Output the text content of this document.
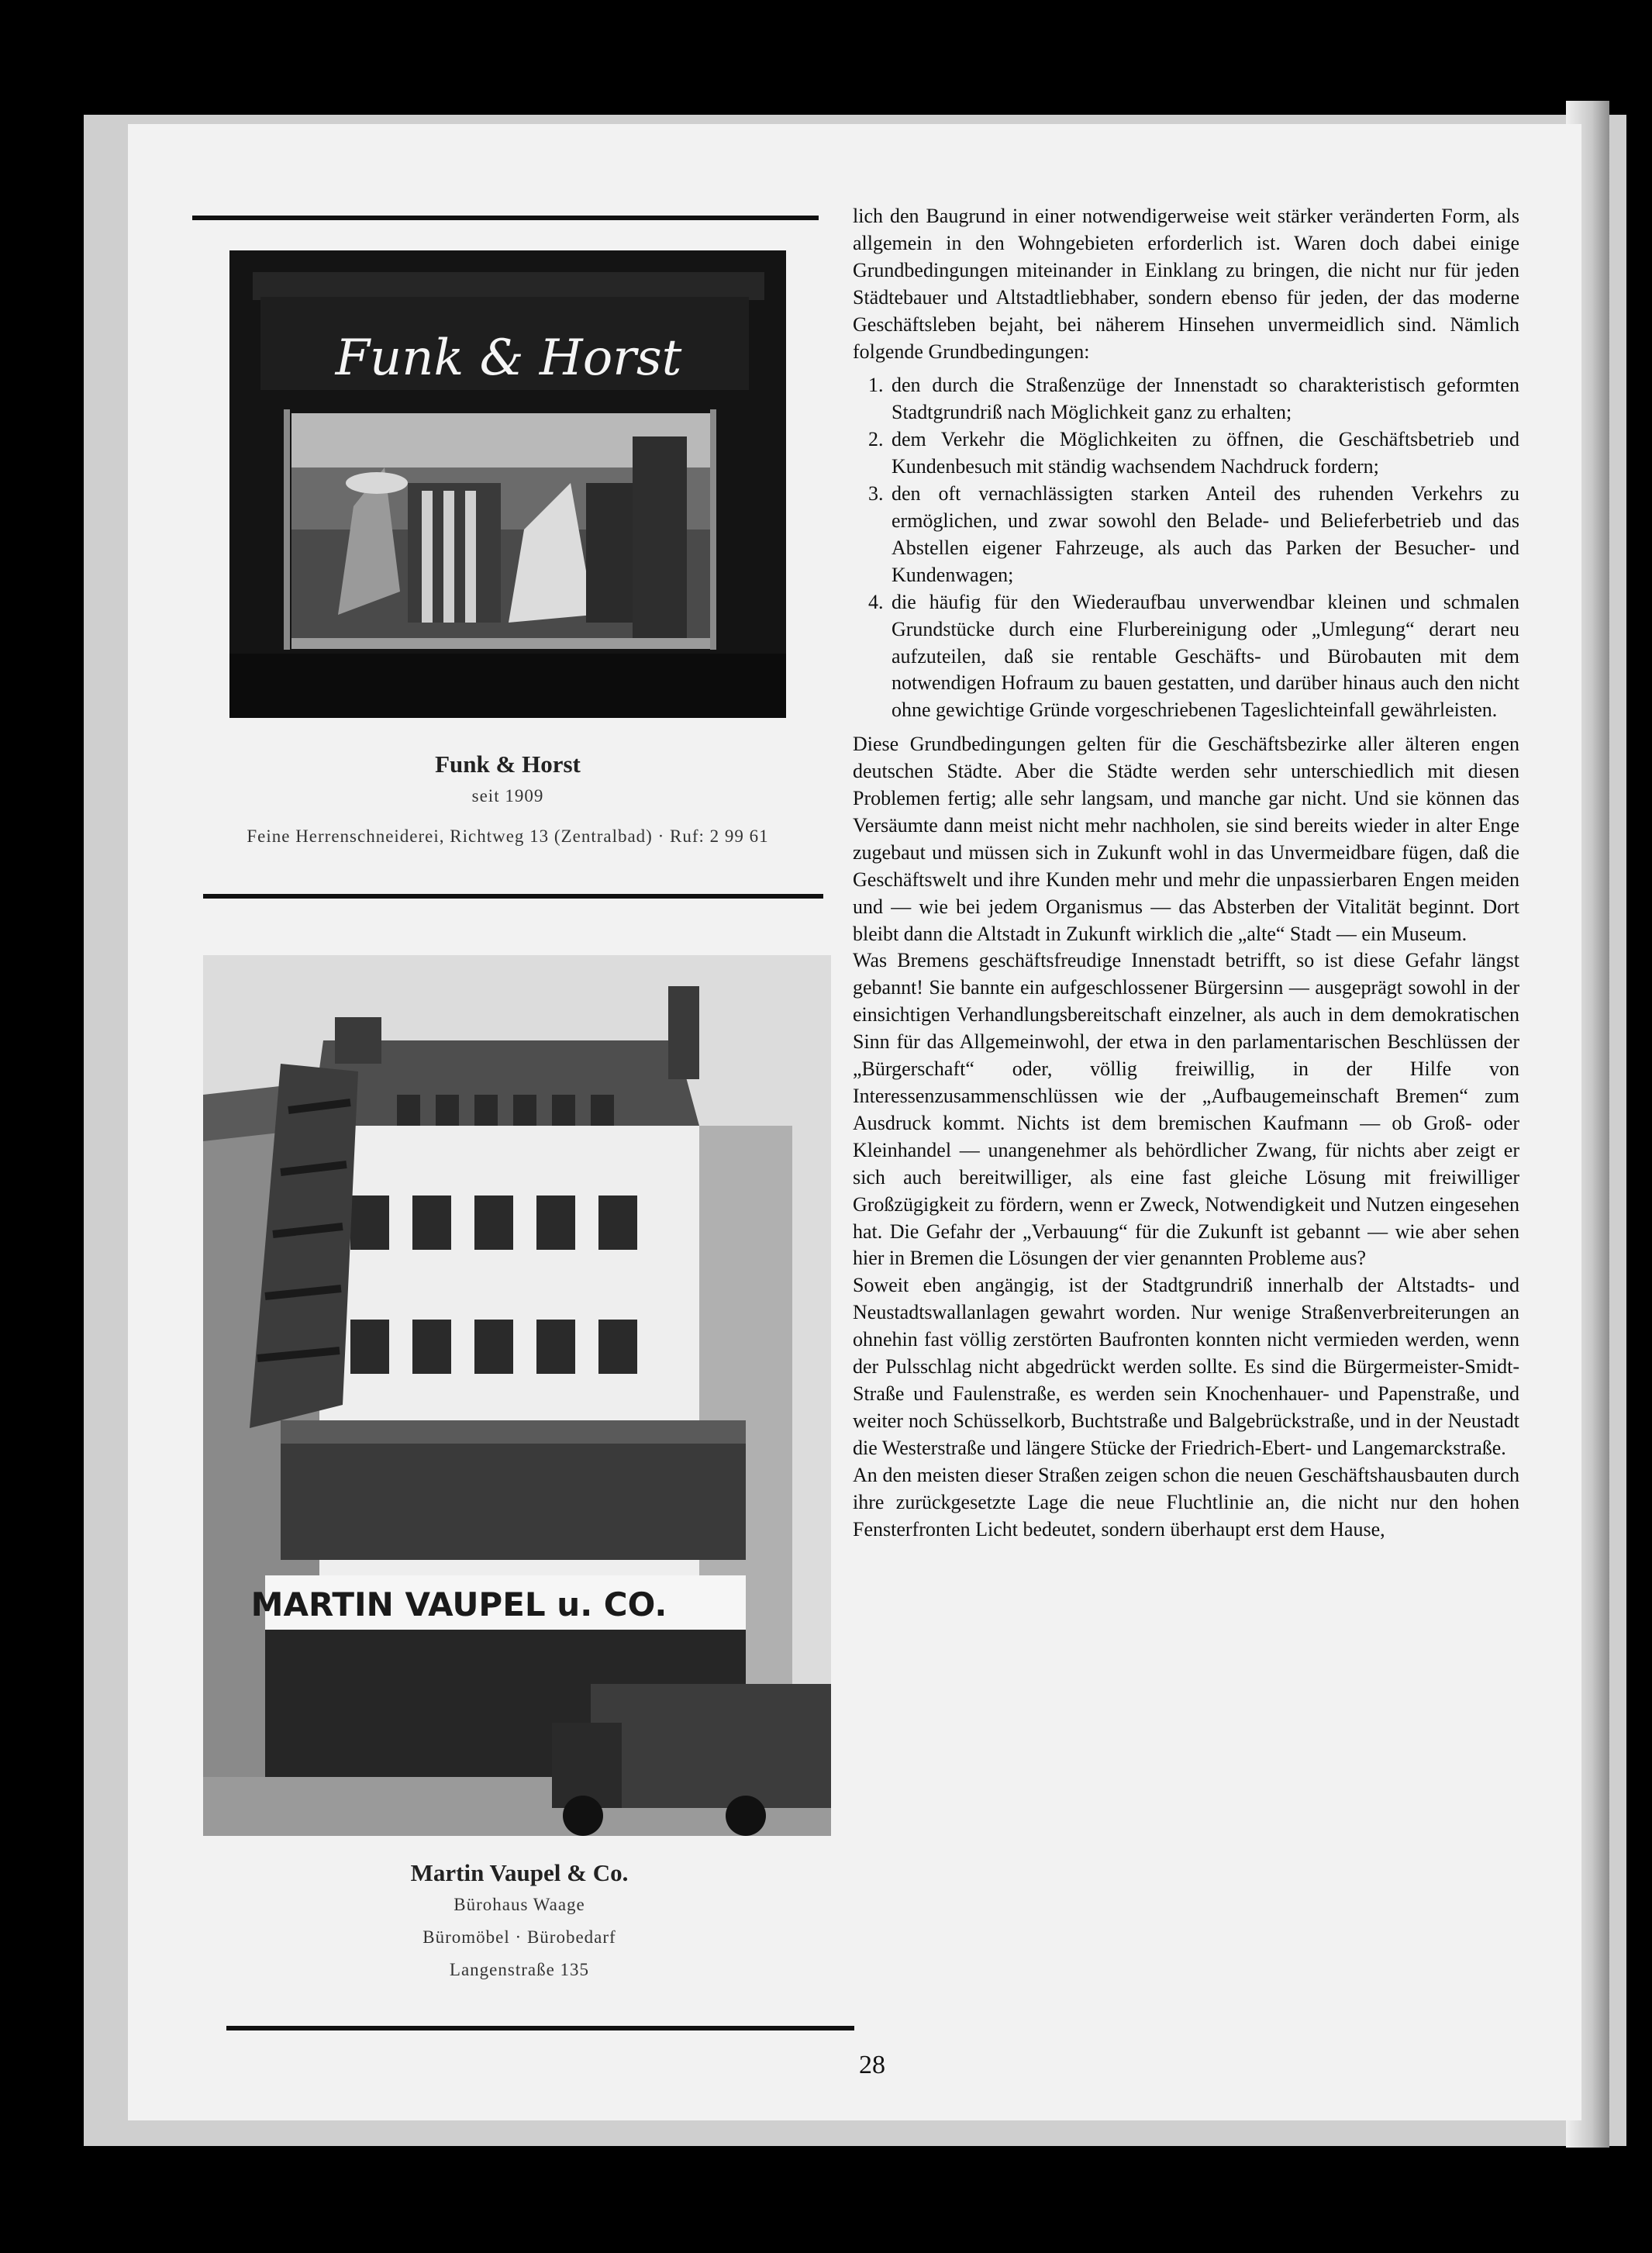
Funk & Horst
Funk & Horst
seit 1909
Feine Herrenschneiderei, Richtweg 13 (Zentralbad) · Ruf: 2 99 61
MARTIN VAUPEL u. CO.
Martin Vaupel & Co.
Bürohaus Waage
Büromöbel · Bürobedarf
Langenstraße 135

lich den Baugrund in einer notwendigerweise weit stärker veränderten Form, als allgemein in den Wohngebieten erforderlich ist. Waren doch dabei einige Grundbedingungen miteinander in Einklang zu bringen, die nicht nur für jeden Städtebauer und Altstadtliebhaber, sondern ebenso für jeden, der das moderne Geschäftsleben bejaht, bei näherem Hinsehen unvermeidlich sind. Nämlich folgende Grundbedingungen:

1. den durch die Straßenzüge der Innenstadt so charakteristisch geformten Stadtgrundriß nach Möglichkeit ganz zu erhalten;
2. dem Verkehr die Möglichkeiten zu öffnen, die Geschäftsbetrieb und Kundenbesuch mit ständig wachsendem Nachdruck fordern;
3. den oft vernachlässigten starken Anteil des ruhenden Verkehrs zu ermöglichen, und zwar sowohl den Belade- und Belieferbetrieb und das Abstellen eigener Fahrzeuge, als auch das Parken der Besucher- und Kundenwagen;
4. die häufig für den Wiederaufbau unverwendbar kleinen und schmalen Grundstücke durch eine Flurbereinigung oder „Umlegung“ derart neu aufzuteilen, daß sie rentable Geschäfts- und Bürobauten mit dem notwendigen Hofraum zu bauen gestatten, und darüber hinaus auch den nicht ohne gewichtige Gründe vorgeschriebenen Tageslichteinfall gewährleisten.

Diese Grundbedingungen gelten für die Geschäftsbezirke aller älteren engen deutschen Städte. Aber die Städte werden sehr unterschiedlich mit diesen Problemen fertig; alle sehr langsam, und manche gar nicht. Und sie können das Versäumte dann meist nicht mehr nachholen, sie sind bereits wieder in alter Enge zugebaut und müssen sich in Zukunft wohl in das Unvermeidbare fügen, daß die Geschäftswelt und ihre Kunden mehr und mehr die unpassierbaren Engen meiden und — wie bei jedem Organismus — das Absterben der Vitalität beginnt. Dort bleibt dann die Altstadt in Zukunft wirklich die „alte“ Stadt — ein Museum.

Was Bremens geschäftsfreudige Innenstadt betrifft, so ist diese Gefahr längst gebannt! Sie bannte ein aufgeschlossener Bürgersinn — ausgeprägt sowohl in der einsichtigen Verhandlungsbereitschaft einzelner, als auch in dem demokratischen Sinn für das Allgemeinwohl, der etwa in den parlamentarischen Beschlüssen der „Bürgerschaft“ oder, völlig freiwillig, in der Hilfe von Interessenzusammenschlüssen wie der „Aufbaugemeinschaft Bremen“ zum Ausdruck kommt. Nichts ist dem bremischen Kaufmann — ob Groß- oder Kleinhandel — unangenehmer als behördlicher Zwang, für nichts aber zeigt er sich auch bereitwilliger, als eine fast gleiche Lösung mit freiwilliger Großzügigkeit zu fördern, wenn er Zweck, Notwendigkeit und Nutzen eingesehen hat. Die Gefahr der „Verbauung“ für die Zukunft ist gebannt — wie aber sehen hier in Bremen die Lösungen der vier genannten Probleme aus?

Soweit eben angängig, ist der Stadtgrundriß innerhalb der Altstadts- und Neustadtswallanlagen gewahrt worden. Nur wenige Straßenverbreiterungen an ohnehin fast völlig zerstörten Baufronten konnten nicht vermieden werden, wenn der Pulsschlag nicht abgedrückt werden sollte. Es sind die Bürgermeister-Smidt-Straße und Faulenstraße, es werden sein Knochenhauer- und Papenstraße, und weiter noch Schüsselkorb, Buchtstraße und Balgebrückstraße, und in der Neustadt die Westerstraße und längere Stücke der Friedrich-Ebert- und Langemarckstraße.

An den meisten dieser Straßen zeigen schon die neuen Geschäftshausbauten durch ihre zurückgesetzte Lage die neue Fluchtlinie an, die nicht nur den hohen Fensterfronten Licht bedeutet, sondern überhaupt erst dem Hause,

28
